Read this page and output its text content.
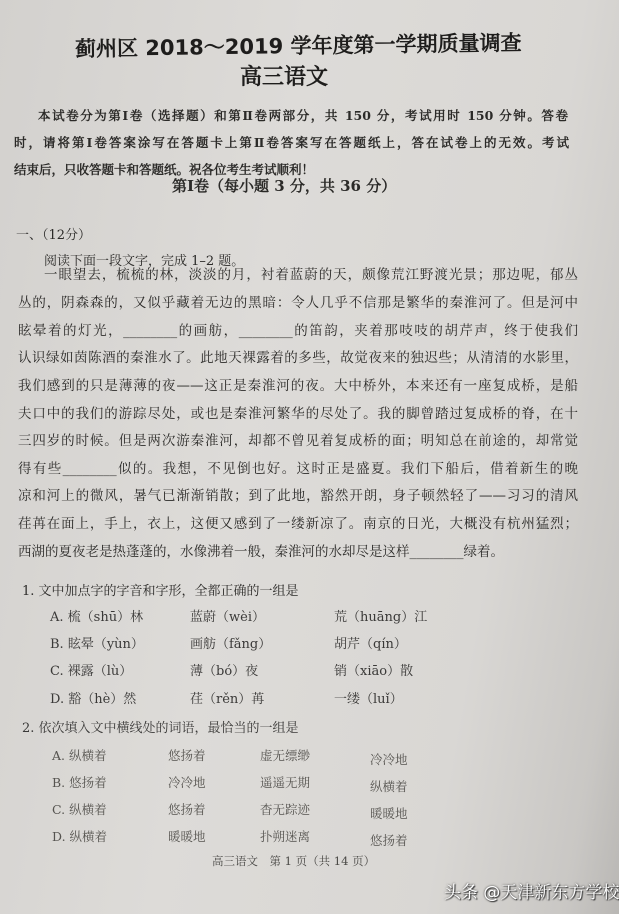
蓟州区 2018～2019 学年度第一学期质量调查
高三语文
本试卷分为第Ⅰ卷（选择题）和第Ⅱ卷两部分，共 150 分，考试用时 150 分钟。答卷
时，请将第Ⅰ卷答案涂写在答题卡上第Ⅱ卷答案写在答题纸上，答在试卷上的无效。考试
结束后，只收答题卡和答题纸。祝各位考生考试顺利！
第Ⅰ卷（每小题 3 分，共 36 分）
一、（12分）
阅读下面一段文字，完成 1–2 题。
一眼望去，梳梳的林，淡淡的月，衬着蓝蔚的天，颇像荒江野渡光景；那边呢，郁丛
丛的，阴森森的，又似乎藏着无边的黑暗：令人几乎不信那是繁华的秦淮河了。但是河中
眩晕着的灯光，________的画舫，________的笛韵，夹着那吱吱的胡芹声，终于使我们
认识绿如茵陈酒的秦淮水了。此地天裸露着的多些，故觉夜来的独迟些；从清清的水影里，
我们感到的只是薄薄的夜——这正是秦淮河的夜。大中桥外，本来还有一座复成桥，是船
夫口中的我们的游踪尽处，或也是秦淮河繁华的尽处了。我的脚曾踏过复成桥的脊，在十
三四岁的时候。但是两次游秦淮河，却都不曾见着复成桥的面；明知总在前途的，却常觉
得有些________似的。我想，不见倒也好。这时正是盛夏。我们下船后，借着新生的晚
凉和河上的微风，暑气已渐渐销散；到了此地，豁然开朗，身子顿然轻了——习习的清风
荏苒在面上，手上，衣上，这便又感到了一缕新凉了。南京的日光，大概没有杭州猛烈；
西湖的夏夜老是热蓬蓬的，水像沸着一般，秦淮河的水却尽是这样________绿着。
1. 文中加点字的字音和字形，全都正确的一组是
A. 梳（shū）林	蓝蔚（wèi）	荒（huāng）江
B. 眩晕（yùn）	画舫（fǎng）	胡芹（qín）
C. 裸露（lù）	薄（bó）夜	销（xiāo）散
D. 豁（hè）然	荏（rěn）苒	一缕（luǐ）
2. 依次填入文中横线处的词语，最恰当的一组是
A. 纵横着	悠扬着	虚无缥缈	冷冷地
B. 悠扬着	冷冷地	遥遥无期	纵横着
C. 纵横着	悠扬着	杳无踪迹	暖暖地
D. 纵横着	暖暖地	扑朔迷离	悠扬着
高三语文　第 1 页（共 14 页）
头条 @天津新东方学校
